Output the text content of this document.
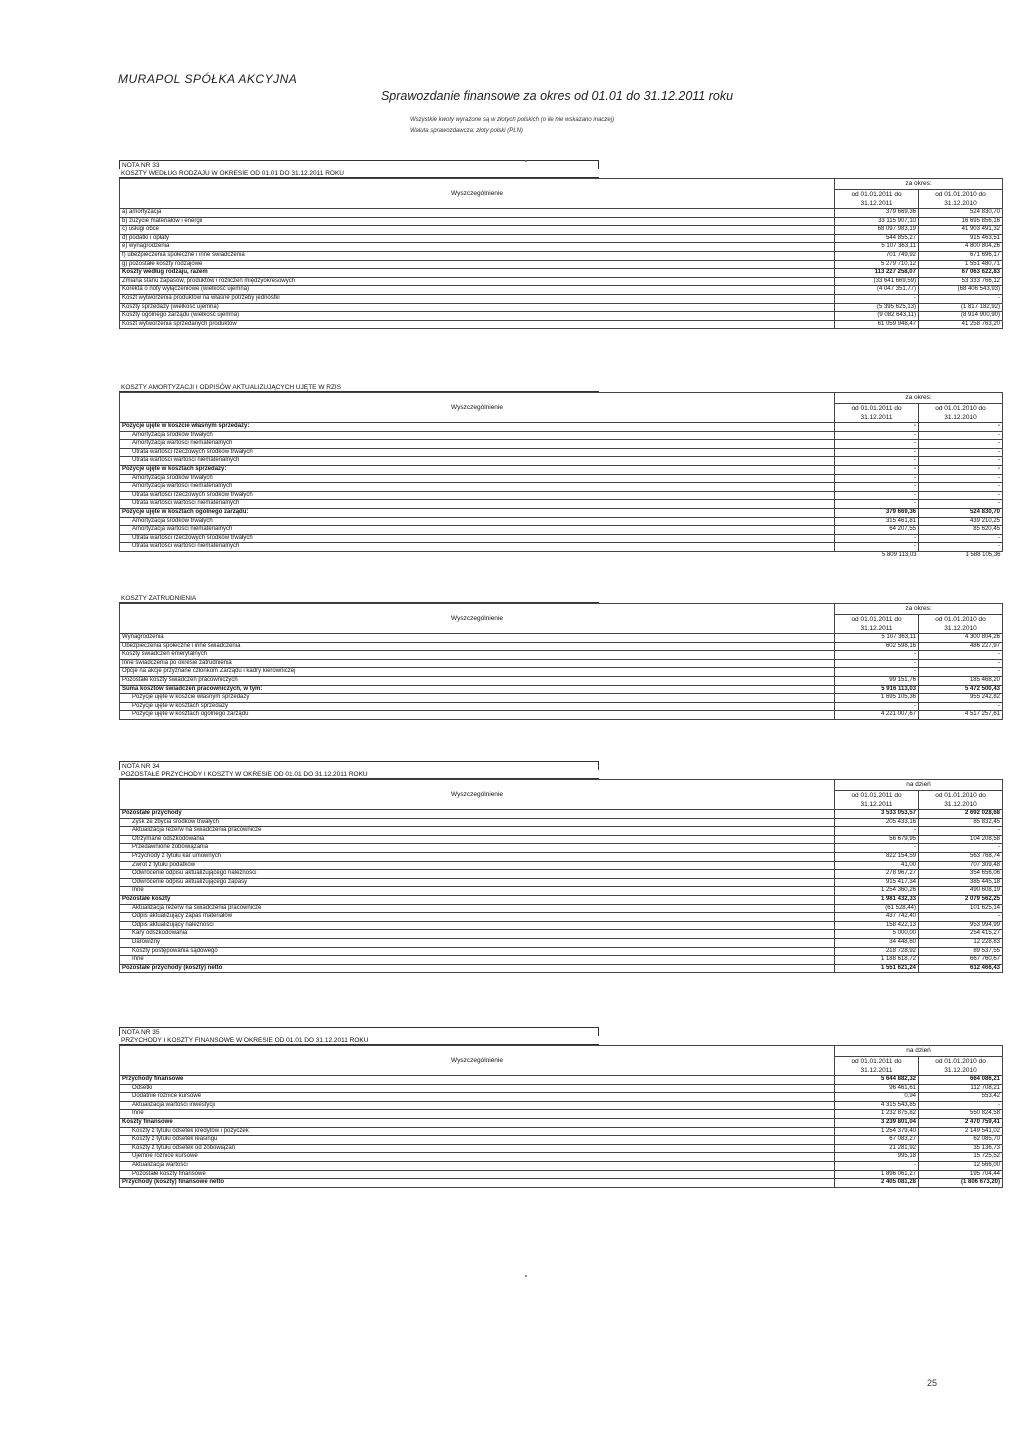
MURAPOL SPÓŁKA AKCYJNA
Sprawozdanie finansowe za okres od 01.01 do 31.12.2011 roku
Wszystkie kwoty wyrażone są w złotych polskich (o ile nie wskazano inaczej)
Waluta sprawozdawcza: złoty polski (PLN)
NOTA NR 33
KOSZTY WEDŁUG RODZAJU W OKRESIE OD 01.01 DO 31.12.2011 ROKU
Wyszczególnienie	za okres:	
	od 01.01.2011 do 31.12.2011	od 01.01.2010 do 31.12.2010
a) amortyzacja	379 669,36	524 830,70
b) zużycie materiałów i energii	33 115 907,10	16 695 856,16
c) usługi obce	68 097 983,19	41 903 491,32
d) podatki i opłaty	544 855,27	915 463,51
e) wynagrodzenia	5 107 363,11	4 800 804,26
f) ubezpieczenia społeczne i inne świadczenia	701 749,92	671 696,17
g) pozostałe koszty rodzajowe	5 279 710,12	1 551 480,71
Koszty według rodzaju, razem	113 227 258,07	67 063 622,83
Zmiana stanu zapasów, produktów i rozliczeń międzyokresowych	(33 641 669,59)	53 333 766,12
Korekta o noty wyłączeniowe (wielkość ujemna)	(4 047 351,77)	(68 406 543,93)
Koszt wytworzenia produktów na własne potrzeby jednostki	-	-
Koszty sprzedaży (wielkość ujemna)	(5 395 625,13)	(1 817 182,92)
Koszty ogólnego zarządu (wielkość ujemna)	(9 082 643,11)	(8 914 900,90)
Koszt wytworzenia sprzedanych produktów	61 059 948,47	41 258 763,20
KOSZTY AMORTYZACJI I ODPISÓW AKTUALIZUJĄCYCH UJĘTE W RZIS
Wyszczególnienie	za okres:	
	od 01.01.2011 do 31.12.2011	od 01.01.2010 do 31.12.2010
Pozycje ujęte w koszcie własnym sprzedaży:	-	-
Amortyzacja środków trwałych	-	-
Amortyzacja wartości niematerialnych	-	-
Utrata wartości rzeczowych środków trwałych	-	-
Utrata wartości wartości niematerialnych	-	-
Pozycje ujęte w kosztach sprzedaży:	-	-
Amortyzacja środków trwałych	-	-
Amortyzacja wartości niematerialnych	-	-
Utrata wartości rzeczowych środków trwałych	-	-
Utrata wartości wartości niematerialnych	-	-
Pozycje ujęte w kosztach ogólnego zarządu:	379 669,36	524 830,70
Amortyzacja środków trwałych	315 461,81	439 210,25
Amortyzacja wartości niematerialnych	64 207,55	85 620,45
Utrata wartości rzeczowych środków trwałych	-	-
Utrata wartości wartości niematerialnych	-	-
	5 809 113,03	1 588 105,36
KOSZTY ZATRUDNIENIA
Wyszczególnienie	za okres:	
	od 01.01.2011 do 31.12.2011	od 01.01.2010 do 31.12.2010
Wynagrodzenia	5 107 363,11	4 300 804,26
Ubezpieczenia społeczne i inne świadczenia	602 598,16	486 227,97
Koszty świadczeń emerytalnych	-	-
Inne świadczenia po okresie zatrudnienia	-	-
Opcje na akcje przyznane członkom Zarządu i kadry kierowniczej	-	-
Pozostałe koszty świadczeń pracowniczych	99 151,76	185 468,20
Suma kosztów świadczeń pracowniczych, w tym:	5 916 113,03	5 472 500,43
Pozycje ujęte w koszcie własnym sprzedaży	1 695 105,36	955 242,82
Pozycje ujęte w kosztach sprzedaży	-	-
Pozycje ujęte w kosztach ogólnego zarządu	4 221 007,67	4 517 257,61
NOTA NR 34
POZOSTAŁE PRZYCHODY I KOSZTY W OKRESIE OD 01.01 DO 31.12.2011 ROKU
Wyszczególnienie	na dzień	
	od 01.01.2011 do 31.12.2011	od 01.01.2010 do 31.12.2010
Pozostałe przychody	3 533 053,57	2 692 028,68
Zysk ze zbycia środków trwałych	205 433,16	85 832,45
Aktualizacja rezerw na świadczenia pracownicze	-	-
Otrzymane odszkodowania	56 679,95	104 208,58
Przedawnione zobowiązania	-	-
Przychody z tytułu kar umownych	822 154,59	563 768,74
Zwrot z tytułu podatków	41,00	707 309,48
Odwrócenie odpisu aktualizującego należności	278 967,27	354 656,06
Odwrócenie odpisu aktualizującego zapasy	915 417,34	385 445,18
Inne	1 254 360,26	490 608,19
Pozostałe koszty	1 981 432,33	2 079 562,25
Aktualizacja rezerw na świadczenia pracownicze	(61 528,44)	101 625,14
Odpis aktualizujący zapas materiałów	437 742,40	-
Odpis aktualizujący należności	158 422,13	953 994,99
Kary odszkodowania	5 000,00	254 415,27
Darowizny	34 448,60	12 228,83
Koszty postępowania sądowego	218 728,92	89 537,55
Inne	1 188 618,72	667 760,67
Pozostałe przychody (koszty) netto	1 551 621,24	612 466,43
NOTA NR 35
PRZYCHODY I KOSZTY FINANSOWE W OKRESIE OD 01.01 DO 31.12.2011 ROKU
Wyszczególnienie	na dzień	
	od 01.01.2011 do 31.12.2011	od 01.01.2010 do 31.12.2010
Przychody finansowe	5 644 882,32	664 086,21
Odsetki	96 461,61	112 708,21
Dodatnie różnice kursowe	0,94	553,42
Aktualizacja wartości inwestycji	4 315 543,85	-
Inne	1 232 875,82	550 824,58
Koszty finansowe	3 239 801,04	2 470 759,41
Koszty z tytułu odsetek kredytów i pożyczek	1 254 379,40	2 149 541,02
Koszty z tytułu odsetek leasingu	67 083,27	62 085,70
Koszty z tytułu odsetek od zobowiązań	21 281,92	35 136,73
Ujemne różnice kursowe	995,18	15 725,52
Aktualizacja wartości	-	12 566,00
Pozostałe koszty finansowe	1 896 061,27	195 704,44
Przychody (koszty) finansowe netto	2 405 081,28	(1 806 673,20)
25
